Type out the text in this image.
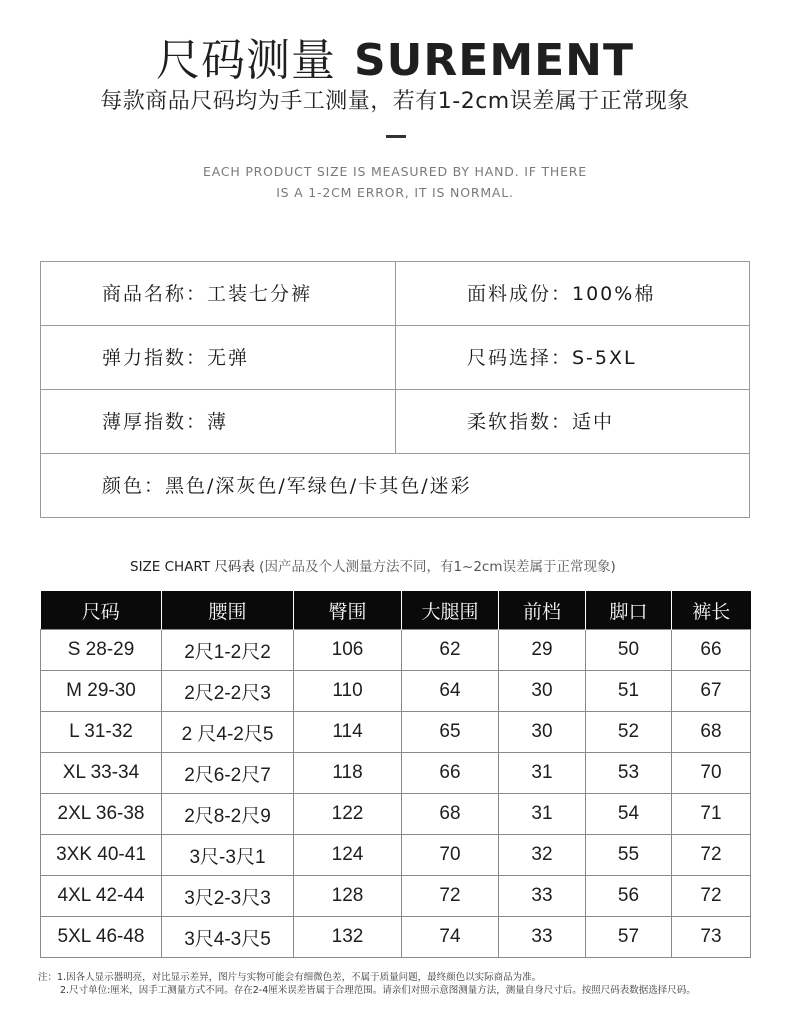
尺码测量 SUREMENT
每款商品尺码均为手工测量，若有1-2cm误差属于正常现象
EACH PRODUCT SIZE IS MEASURED BY HAND. IF THERE
IS A 1-2CM ERROR, IT IS NORMAL.
商品名称：工装七分裤	面料成份：100%棉
弹力指数：无弹	尺码选择：S-5XL
薄厚指数：薄	柔软指数：适中
颜色：黑色/深灰色/军绿色/卡其色/迷彩
SIZE CHART 尺码表 (因产品及个人测量方法不同，有1~2cm误差属于正常现象)
尺码	腰围	臀围	大腿围	前档	脚口	裤长
S 28-29	2尺1-2尺2	106	62	29	50	66
M 29-30	2尺2-2尺3	110	64	30	51	67
L 31-32	2 尺4-2尺5	114	65	30	52	68
XL 33-34	2尺6-2尺7	118	66	31	53	70
2XL 36-38	2尺8-2尺9	122	68	31	54	71
3XK 40-41	3尺-3尺1	124	70	32	55	72
4XL 42-44	3尺2-3尺3	128	72	33	56	72
5XL 46-48	3尺4-3尺5	132	74	33	57	73
注：1.因各人显示器明亮，对比显示差异，图片与实物可能会有细微色差，不属于质量问题，最终颜色以实际商品为准。
2.尺寸单位:厘米，因手工测量方式不同。存在2-4厘米误差皆属于合理范围。请亲们对照示意图测量方法，测量自身尺寸后。按照尺码表数据选择尺码。
